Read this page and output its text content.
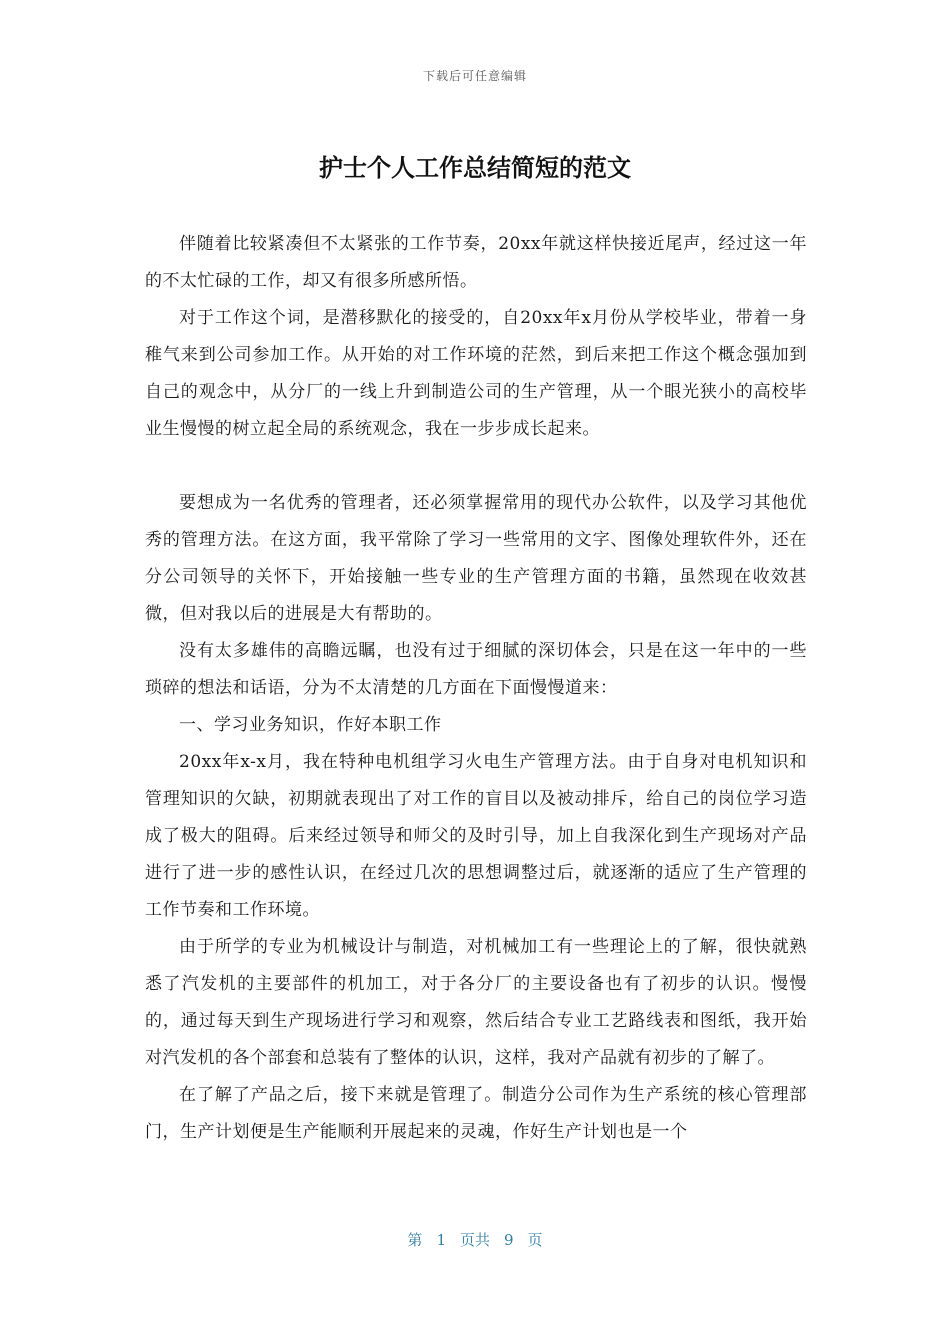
下载后可任意编辑
护士个人工作总结简短的范文

伴随着比较紧凑但不太紧张的工作节奏，20xx年就这样快接近尾声，经过这一年的不太忙碌的工作，却又有很多所感所悟。

对于工作这个词，是潜移默化的接受的，自20xx年x月份从学校毕业，带着一身稚气来到公司参加工作。从开始的对工作环境的茫然，到后来把工作这个概念强加到自己的观念中，从分厂的一线上升到制造公司的生产管理，从一个眼光狭小的高校毕业生慢慢的树立起全局的系统观念，我在一步步成长起来。

要想成为一名优秀的管理者，还必须掌握常用的现代办公软件，以及学习其他优秀的管理方法。在这方面，我平常除了学习一些常用的文字、图像处理软件外，还在分公司领导的关怀下，开始接触一些专业的生产管理方面的书籍，虽然现在收效甚微，但对我以后的进展是大有帮助的。

没有太多雄伟的高瞻远瞩，也没有过于细腻的深切体会，只是在这一年中的一些琐碎的想法和话语，分为不太清楚的几方面在下面慢慢道来：

一、学习业务知识，作好本职工作

20xx年x-x月，我在特种电机组学习火电生产管理方法。由于自身对电机知识和管理知识的欠缺，初期就表现出了对工作的盲目以及被动排斥，给自己的岗位学习造成了极大的阻碍。后来经过领导和师父的及时引导，加上自我深化到生产现场对产品进行了进一步的感性认识，在经过几次的思想调整过后，就逐渐的适应了生产管理的工作节奏和工作环境。

由于所学的专业为机械设计与制造，对机械加工有一些理论上的了解，很快就熟悉了汽发机的主要部件的机加工，对于各分厂的主要设备也有了初步的认识。慢慢的，通过每天到生产现场进行学习和观察，然后结合专业工艺路线表和图纸，我开始对汽发机的各个部套和总装有了整体的认识，这样，我对产品就有初步的了解了。

在了解了产品之后，接下来就是管理了。制造分公司作为生产系统的核心管理部门，生产计划便是生产能顺利开展起来的灵魂，作好生产计划也是一个

第 1 页共 9 页
